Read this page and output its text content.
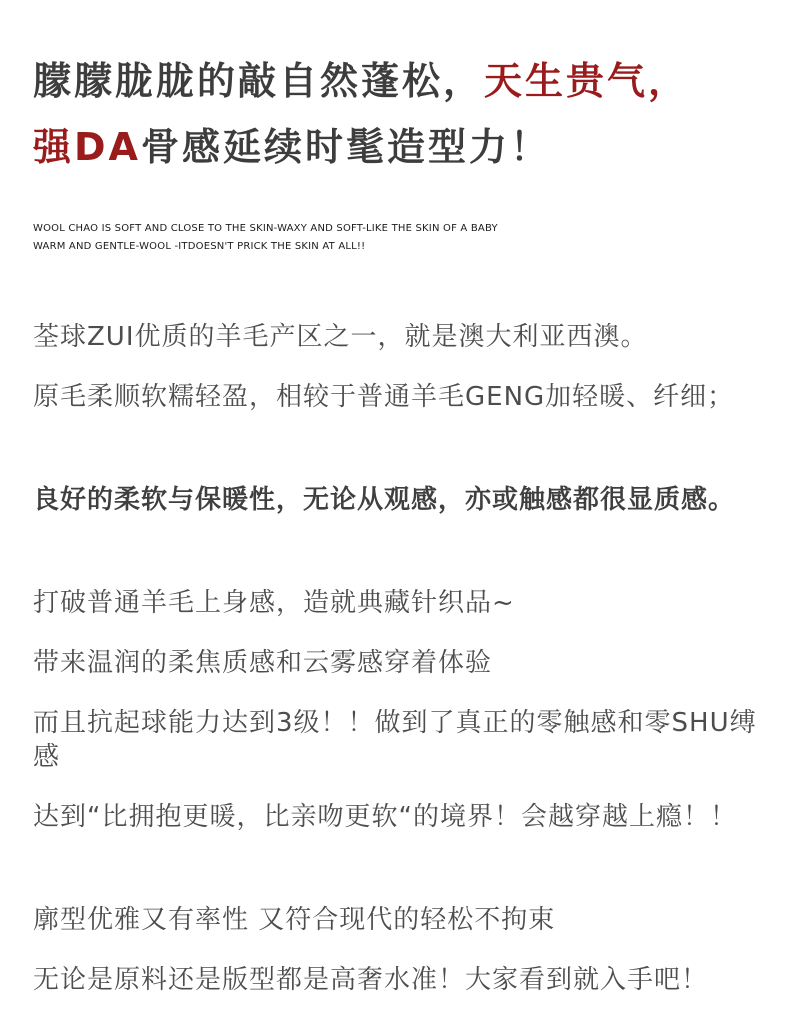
朦朦胧胧的敲自然蓬松，天生贵气，
强DA骨感延续时髦造型力！
WOOL CHAO IS SOFT AND CLOSE TO THE SKIN-WAXY AND SOFT-LIKE THE SKIN OF A BABY
WARM AND GENTLE-WOOL -ITDOESN'T PRICK THE SKIN AT ALL!!

荃球ZUI优质的羊毛产区之一，就是澳大利亚西澳。

原毛柔顺软糯轻盈，相较于普通羊毛GENG加轻暖、纤细；

良好的柔软与保暖性，无论从观感，亦或触感都很显质感。

打破普通羊毛上身感，造就典藏针织品~

带来温润的柔焦质感和云雾感穿着体验

而且抗起球能力达到3级！！做到了真正的零触感和零SHU缚感

达到“比拥抱更暖，比亲吻更软“的境界！会越穿越上瘾！！

廓型优雅又有率性 又符合现代的轻松不拘束

无论是原料还是版型都是高奢水准！大家看到就入手吧！
